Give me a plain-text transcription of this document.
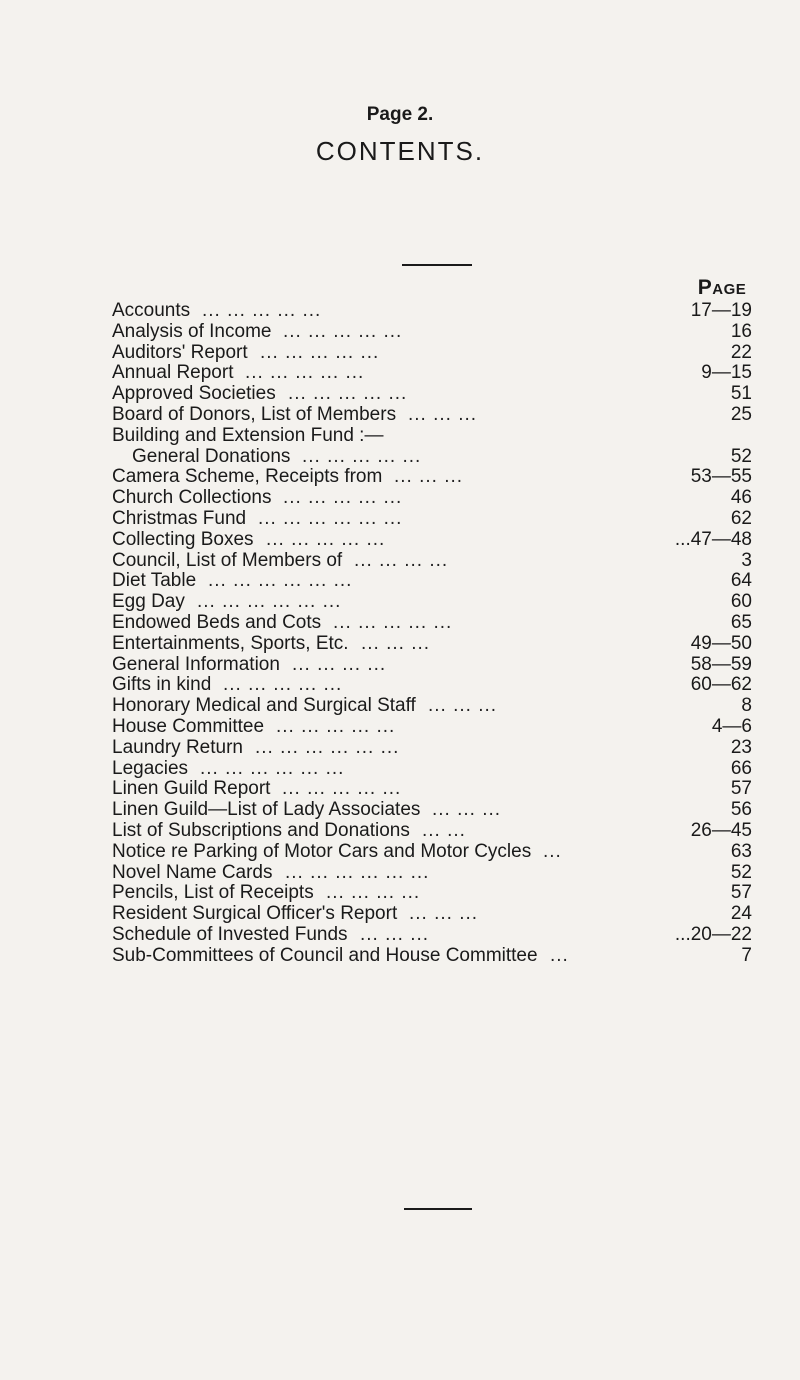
Page 2.
CONTENTS.
Page
Accounts	17—19
... ... ... ... ...
Analysis of Income	16
... ... ... ... ...
Auditors' Report	22
... ... ... ... ...
Annual Report	9—15
... ... ... ... ...
Approved Societies	51
... ... ... ... ...
Board of Donors, List of Members	25
... ... ...
Building and Extension Fund :—
General Donations	52
... ... ... ... ...
Camera Scheme, Receipts from	53—55
... ... ...
Church Collections	46
... ... ... ... ...
Christmas Fund	62
... ... ... ... ... ...
Collecting Boxes	...47—48
... ... ... ... ...
Council, List of Members of	3
... ... ... ...
Diet Table	64
... ... ... ... ... ...
Egg Day	60
... ... ... ... ... ...
Endowed Beds and Cots	65
... ... ... ... ...
Entertainments, Sports, Etc.	49—50
... ... ...
General Information	58—59
... ... ... ...
Gifts in kind	60—62
... ... ... ... ...
Honorary Medical and Surgical Staff	8
... ... ...
House Committee	4—6
... ... ... ... ...
Laundry Return	23
... ... ... ... ... ...
Legacies	66
... ... ... ... ... ...
Linen Guild Report	57
... ... ... ... ...
Linen Guild—List of Lady Associates	56
... ... ...
List of Subscriptions and Donations	26—45
... ...
Notice re Parking of Motor Cars and Motor Cycles	63
...
Novel Name Cards	52
... ... ... ... ... ...
Pencils, List of Receipts	57
... ... ... ...
Resident Surgical Officer's Report	24
... ... ...
Schedule of Invested Funds	...20—22
... ... ...
Sub-Committees of Council and House Committee	7
...
